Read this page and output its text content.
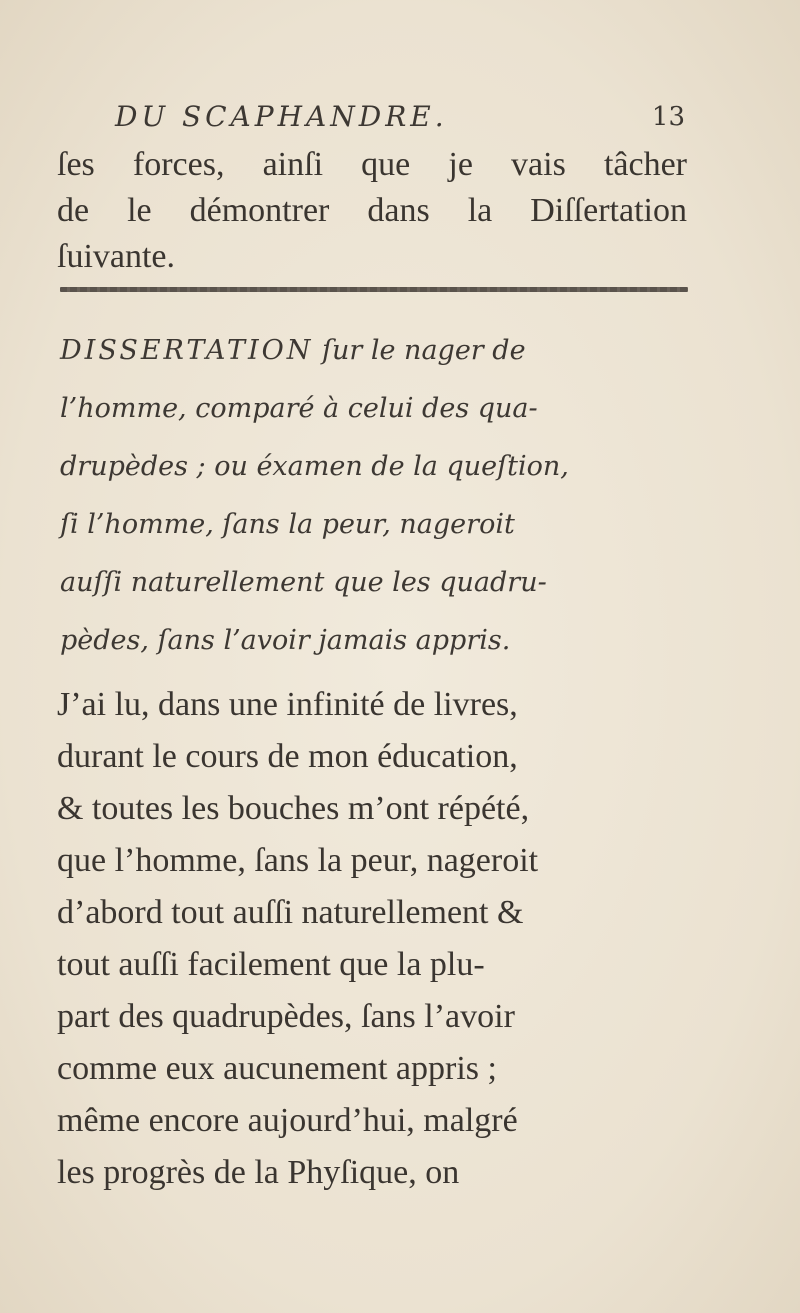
DU SCAPHANDRE.	13
ſes forces, ainſi que je vais tâcher
de le démontrer dans la Diſſertation
ſuivante.
DISSERTATION ſur le nager de
l’homme, comparé à celui des qua-
drupèdes ; ou éxamen de la queſtion,
ſi l’homme, ſans la peur, nageroit
auſſi naturellement que les quadru-
pèdes, ſans l’avoir jamais appris.
J’ai lu, dans une infinité de livres,
durant le cours de mon éducation,
& toutes les bouches m’ont répété,
que l’homme, ſans la peur, nageroit
d’abord tout auſſi naturellement &
tout auſſi facilement que la plu-
part des quadrupèdes, ſans l’avoir
comme eux aucunement appris ;
même encore aujourd’hui, malgré
les progrès de la Phyſique, on
